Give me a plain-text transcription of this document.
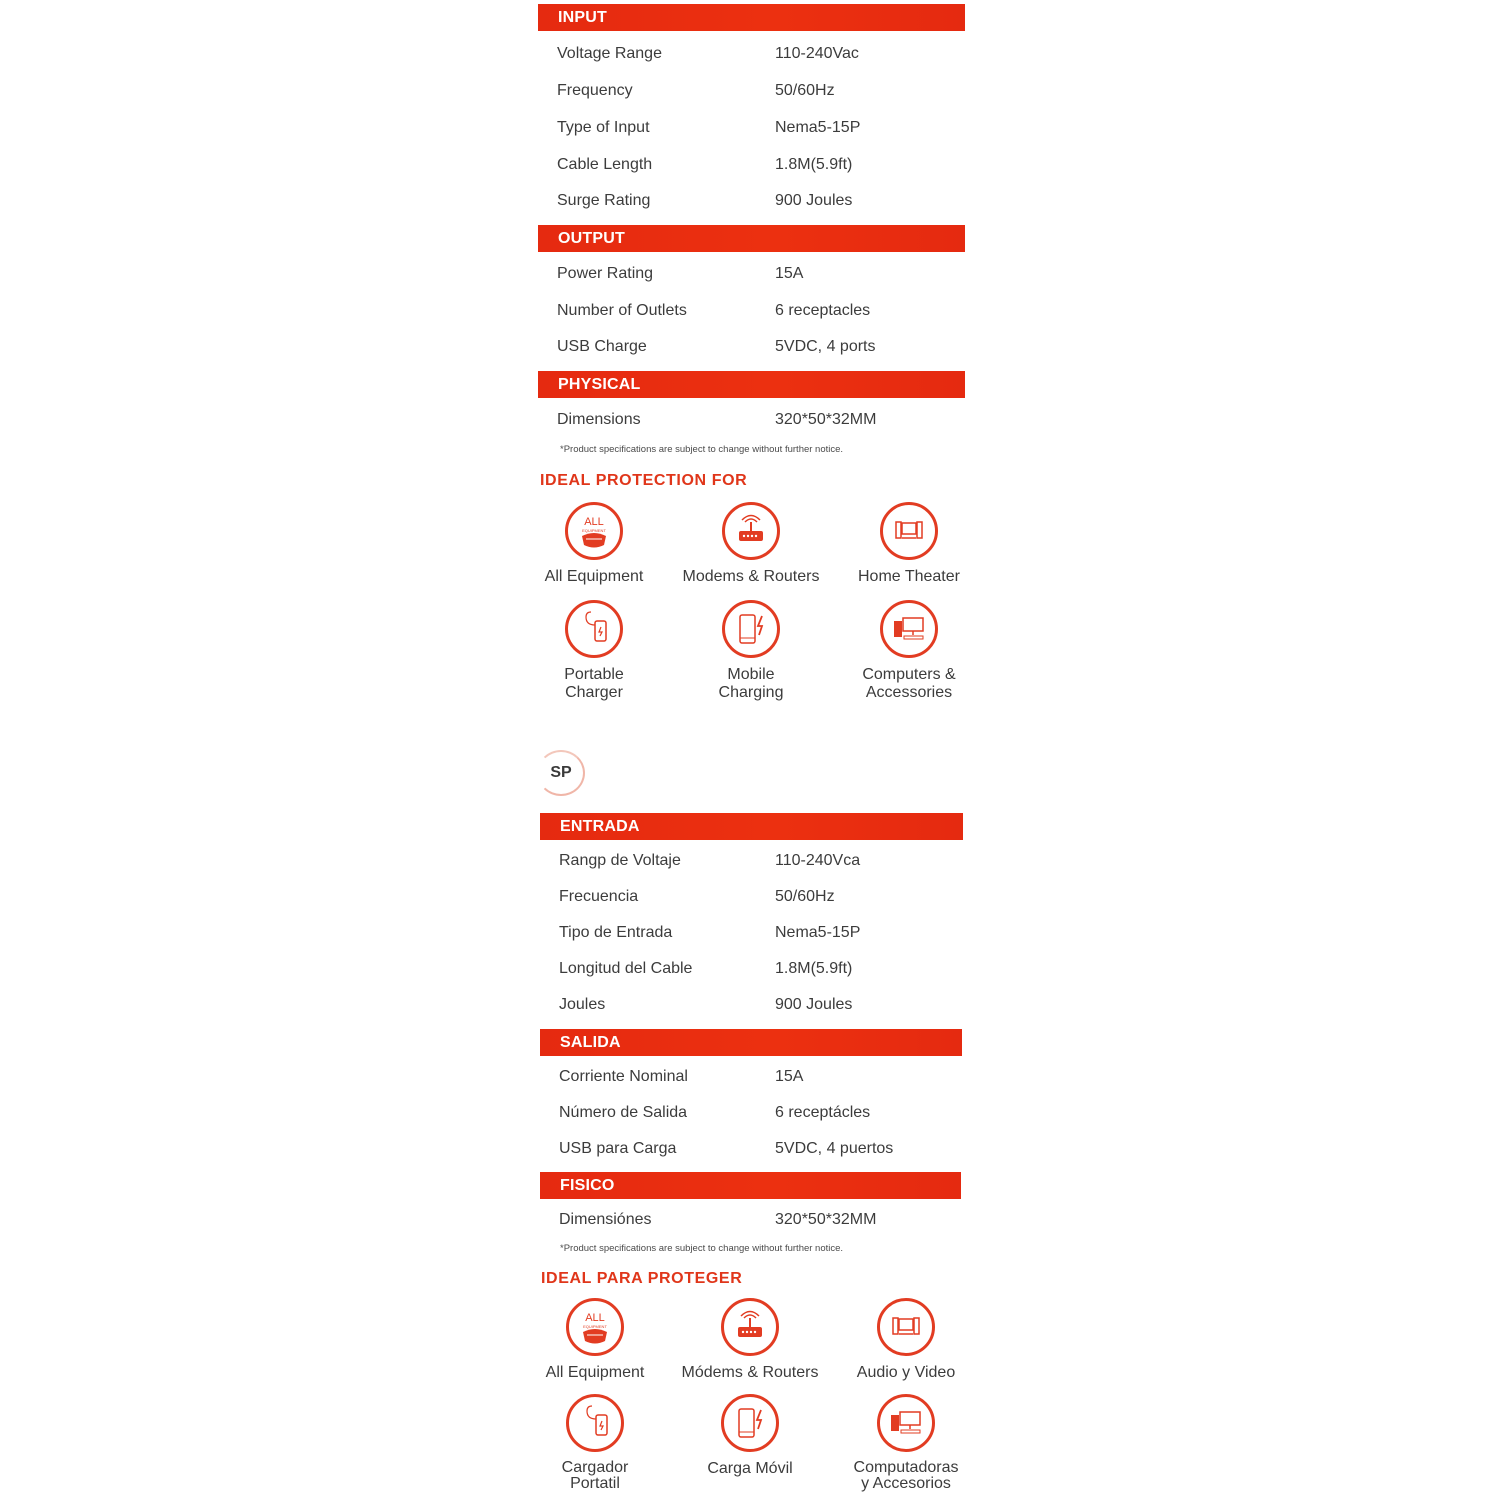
INPUT
Voltage Range	110-240Vac
Frequency	50/60Hz
Type of Input	Nema5-15P
Cable Length	1.8M(5.9ft)
Surge Rating	900 Joules
OUTPUT
Power Rating	15A
Number of Outlets	6 receptacles
USB Charge	5VDC, 4 ports
PHYSICAL
Dimensions	320*50*32MM
*Product specifications are subject to change without further notice.
IDEAL PROTECTION FOR
ALL
EQUIPMENT
All Equipment	Modems & Routers	Home Theater
Portable
Charger
Mobile
Charging
Computers &
Accessories
SP
ENTRADA
Rangp de Voltaje	110-240Vca
Frecuencia	50/60Hz
Tipo de Entrada	Nema5-15P
Longitud del Cable	1.8M(5.9ft)
Joules	900 Joules
SALIDA
Corriente Nominal	15A
Número de Salida	6 receptácles
USB para Carga	5VDC, 4 puertos
FISICO
Dimensiónes	320*50*32MM
*Product specifications are subject to change without further notice.
IDEAL PARA PROTEGER
ALL
EQUIPMENT
All Equipment	Módems & Routers	Audio y Video
Cargador
Portatil
Carga Móvil	Computadoras
y Accesorios
